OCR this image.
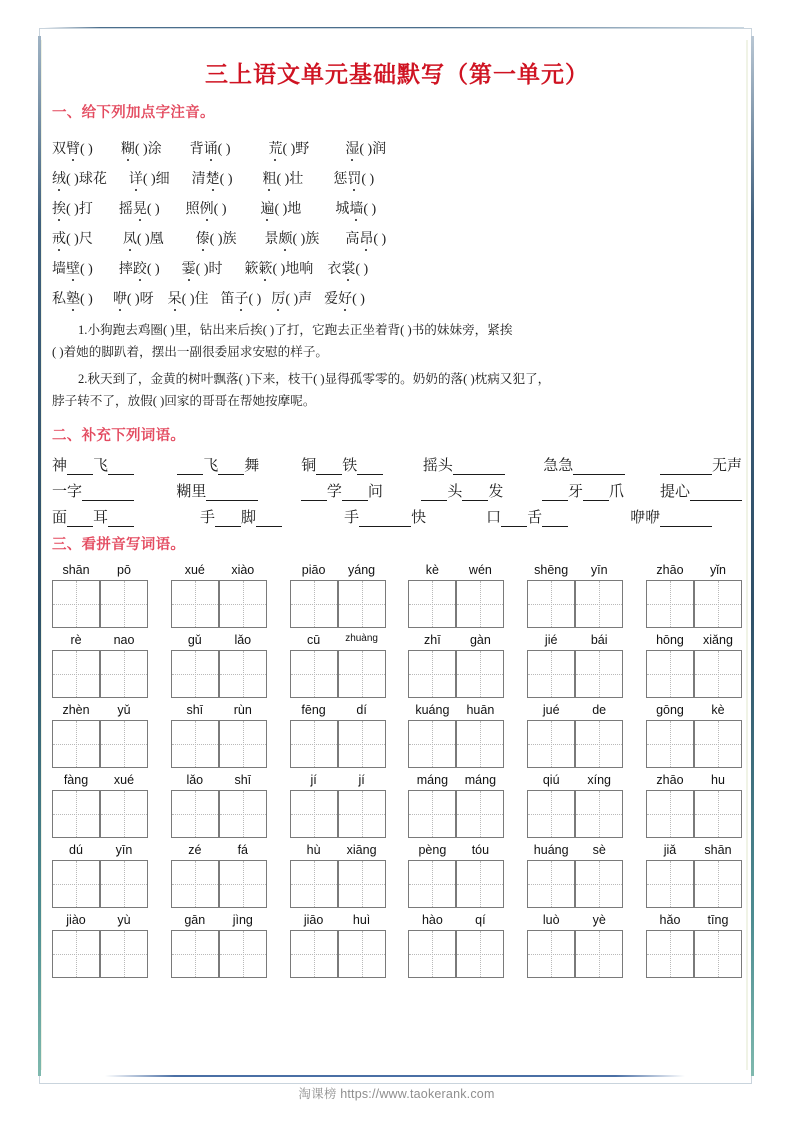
三上语文单元基础默写（第一单元）
一、给下列加点字注音。
双 臂 ( ) 糊 ( )涂 背 诵 ( )	荒 ( )野	湿 ( )润
绒 ( )球花 详 ( )细 清 楚 ( ) 粗 ( )壮 惩 罚 ( )
挨 ( )打 摇 晃 ( ) 照 例 ( ) 遍 ( )地 城 墙 ( )
戒 ( )尺 凤 ( )凰 傣 ( )族 景 颇 ( )族 高 昂 ( )
墙 壁 ( ) 摔 跤 ( ) 霎 ( )时 簌 簌 ( )地响 衣 裳 ( )
私 塾 ( ) 咿 ( )呀 呆 ( )住 笛 子 ( ) 厉 ( )声 爱 好 ( )
1.小狗跑去鸡圈( )里，钻出来后挨( )了打，它跑去正坐着背( )书的妹妹旁，紧挨
( )着她的脚趴着，摆出一副很委屈求安慰的样子。
2.秋天到了，金黄的树叶飘落( )下来，枝干( )显得孤零零的。奶奶的落( )枕病又犯了，
脖子转不了，放假( )回家的哥哥在帮她按摩呢。
二、补充下列词语。
神 飞	飞 舞	铜 铁	摇头	急急	无声
一字	糊里	学 问	头 发	牙 爪 提心
面 耳	手 脚	手	快	口 舌	咿咿
三、看拼音写词语。
shān	pō	xué	xiào	piāo	yáng	kè	wén	shēng	yīn	zhāo	yǐn
rè	nao	gǔ	lǎo	cū	zhuàng	zhī	gàn	jié	bái	hōng	xiǎng
zhèn	yǔ	shī	rùn	fēng	dí	kuáng	huān	jué	de	gōng	kè
fàng	xué	lǎo	shī	jí	jí	máng	máng	qiú	xíng	zhāo	hu
dú	yīn	zé	fá	hù	xiāng	pèng	tóu	huáng	sè	jiǎ	shān
jiào	yù	gān	jìng	jiāo	huì	hào	qí	luò	yè	hǎo	tīng
淘课榜 https://www.taokerank.com
